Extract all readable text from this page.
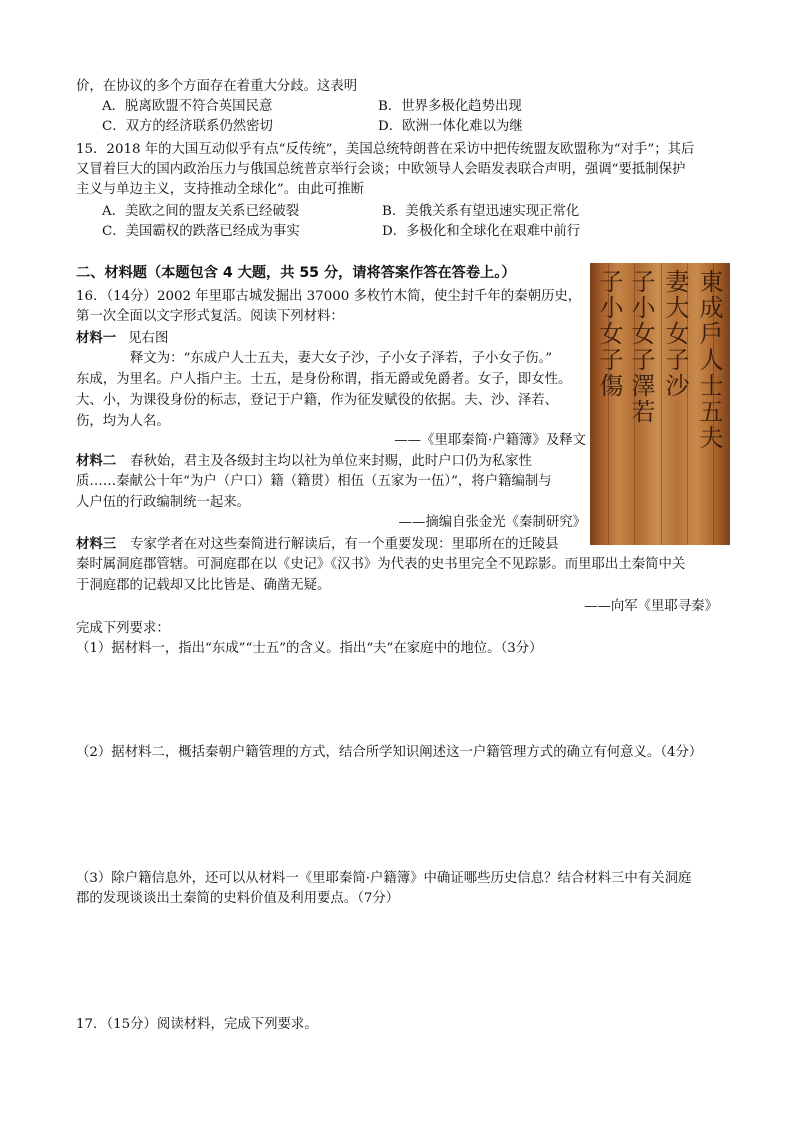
价，在协议的多个方面存在着重大分歧。这表明
A．脱离欧盟不符合英国民意	B．世界多极化趋势出现
C．双方的经济联系仍然密切	D．欧洲一体化难以为继
15．2018 年的大国互动似乎有点“反传统”，美国总统特朗普在采访中把传统盟友欧盟称为“对手”；其后
又冒着巨大的国内政治压力与俄国总统普京举行会谈；中欧领导人会晤发表联合声明，强调“要抵制保护
主义与单边主义，支持推动全球化”。由此可推断
A．美欧之间的盟友关系已经破裂	B．美俄关系有望迅速实现正常化
C．美国霸权的跌落已经成为事实	D．多极化和全球化在艰难中前行
二、材料题（本题包含 4 大题，共 55 分，请将答案作答在答卷上。）
16．（14分）2002 年里耶古城发掘出 37000 多枚竹木简，使尘封千年的秦朝历史，
第一次全面以文字形式复活。阅读下列材料：
材料一 见右图
释文为：“东成户人士五夫，妻大女子沙，子小女子泽若，子小女子伤。”
东成，为里名。户人指户主。士五，是身份称谓，指无爵或免爵者。女子，即女性。
大、小，为课役身份的标志，登记于户籍，作为征发赋役的依据。夫、沙、泽若、
伤，均为人名。
——《里耶秦简·户籍簿》及释文
材料二 春秋始，君主及各级封主均以社为单位来封赐，此时户口仍为私家性
质……秦献公十年“为户（户口）籍（籍贯）相伍（五家为一伍）”，将户籍编制与
人户伍的行政编制统一起来。
——摘编自张金光《秦制研究》
材料三 专家学者在对这些秦简进行解读后，有一个重要发现：里耶所在的迁陵县
秦时属洞庭郡管辖。可洞庭郡在以《史记》《汉书》为代表的史书里完全不见踪影。而里耶出土秦简中关
于洞庭郡的记载却又比比皆是、确凿无疑。
——向军《里耶寻秦》
完成下列要求：
（1）据材料一，指出“东成”“士五”的含义。指出“夫”在家庭中的地位。（3分）
（2）据材料二，概括秦朝户籍管理的方式，结合所学知识阐述这一户籍管理方式的确立有何意义。（4分）
（3）除户籍信息外，还可以从材料一《里耶秦简·户籍簿》中确证哪些历史信息？结合材料三中有关洞庭
郡的发现谈谈出土秦简的史料价值及利用要点。（7分）
17．（15分）阅读材料，完成下列要求。
東成戶人士五夫
妻大女子沙
子小女子澤若
子小女子傷
